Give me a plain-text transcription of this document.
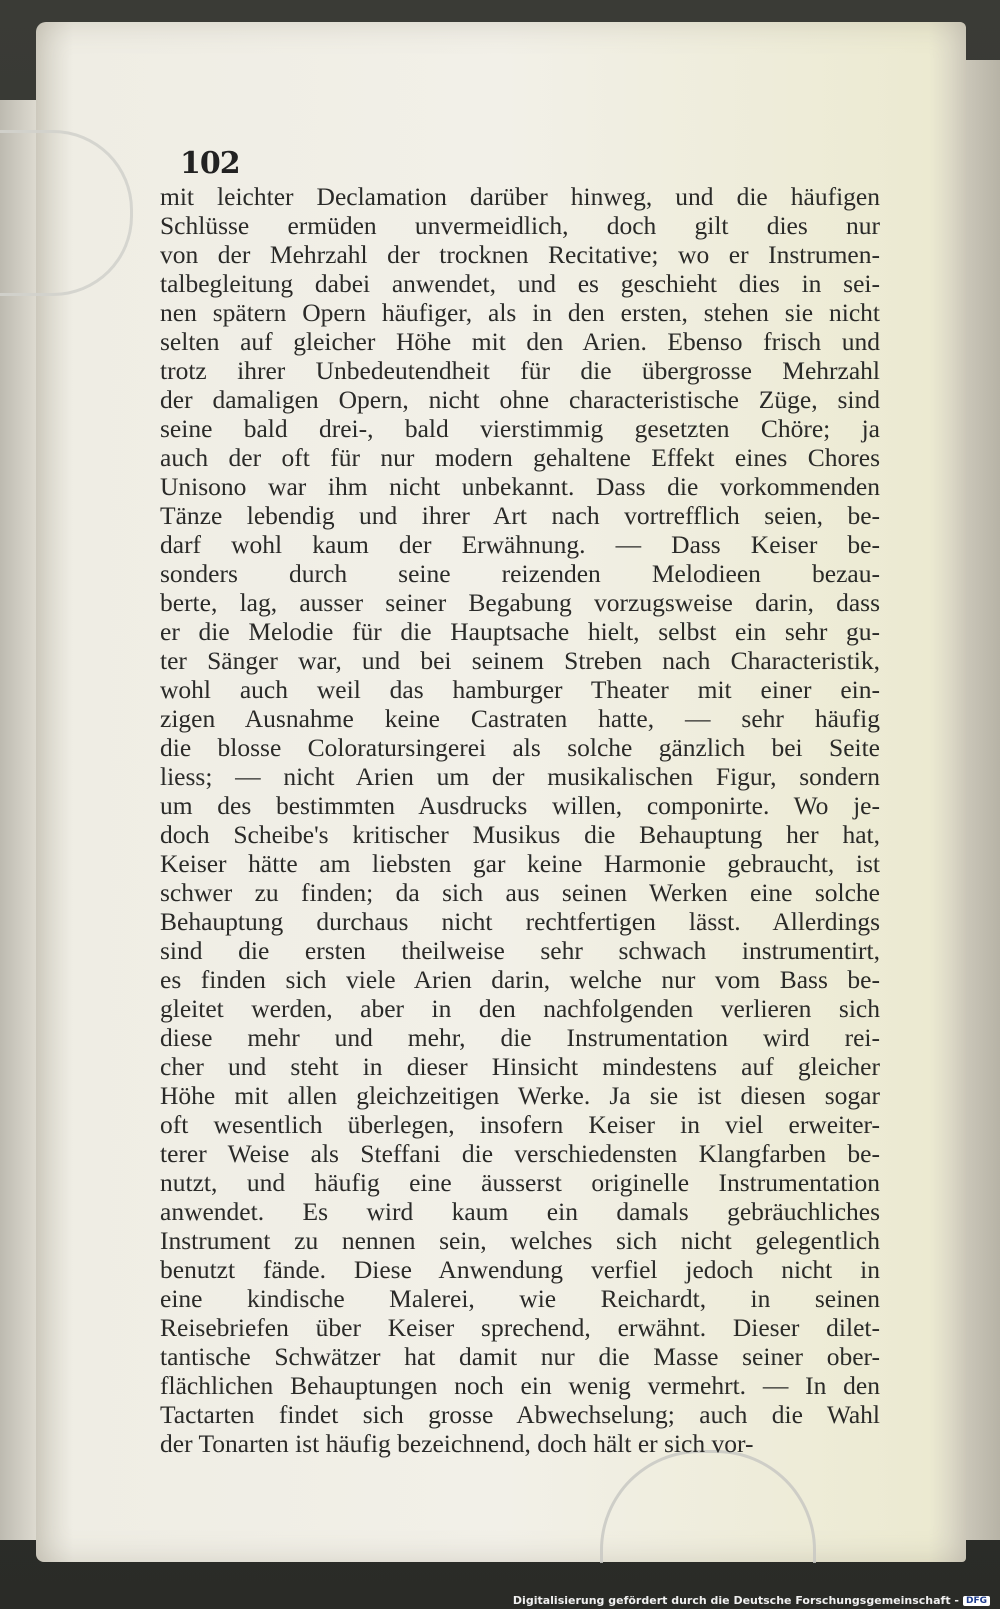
102
mit leichter Declamation darüber hinweg, und die häufigen
Schlüsse ermüden unvermeidlich, doch gilt dies nur
von der Mehrzahl der trocknen Recitative; wo er Instrumen-
talbegleitung dabei anwendet, und es geschieht dies in sei-
nen spätern Opern häufiger, als in den ersten, stehen sie nicht
selten auf gleicher Höhe mit den Arien. Ebenso frisch und
trotz ihrer Unbedeutendheit für die übergrosse Mehrzahl
der damaligen Opern, nicht ohne characteristische Züge, sind
seine bald drei-, bald vierstimmig gesetzten Chöre; ja
auch der oft für nur modern gehaltene Effekt eines Chores
Unisono war ihm nicht unbekannt. Dass die vorkommenden
Tänze lebendig und ihrer Art nach vortrefflich seien, be-
darf wohl kaum der Erwähnung. — Dass Keiser be-
sonders durch seine reizenden Melodieen bezau-
berte, lag, ausser seiner Begabung vorzugsweise darin, dass
er die Melodie für die Hauptsache hielt, selbst ein sehr gu-
ter Sänger war, und bei seinem Streben nach Characteristik,
wohl auch weil das hamburger Theater mit einer ein-
zigen Ausnahme keine Castraten hatte, — sehr häufig
die blosse Coloratursingerei als solche gänzlich bei Seite
liess; — nicht Arien um der musikalischen Figur, sondern
um des bestimmten Ausdrucks willen, componirte. Wo je-
doch Scheibe's kritischer Musikus die Behauptung her hat,
Keiser hätte am liebsten gar keine Harmonie gebraucht, ist
schwer zu finden; da sich aus seinen Werken eine solche
Behauptung durchaus nicht rechtfertigen lässt. Allerdings
sind die ersten theilweise sehr schwach instrumentirt,
es finden sich viele Arien darin, welche nur vom Bass be-
gleitet werden, aber in den nachfolgenden verlieren sich
diese mehr und mehr, die Instrumentation wird rei-
cher und steht in dieser Hinsicht mindestens auf gleicher
Höhe mit allen gleichzeitigen Werke. Ja sie ist diesen sogar
oft wesentlich überlegen, insofern Keiser in viel erweiter-
terer Weise als Steffani die verschiedensten Klangfarben be-
nutzt, und häufig eine äusserst originelle Instrumentation
anwendet. Es wird kaum ein damals gebräuchliches
Instrument zu nennen sein, welches sich nicht gelegentlich
benutzt fände. Diese Anwendung verfiel jedoch nicht in
eine kindische Malerei, wie Reichardt, in seinen
Reisebriefen über Keiser sprechend, erwähnt. Dieser dilet-
tantische Schwätzer hat damit nur die Masse seiner ober-
flächlichen Behauptungen noch ein wenig vermehrt. — In den
Tactarten findet sich grosse Abwechselung; auch die Wahl
der Tonarten ist häufig bezeichnend, doch hält er sich vor-
Digitalisierung gefördert durch die Deutsche Forschungsgemeinschaft - DFG
